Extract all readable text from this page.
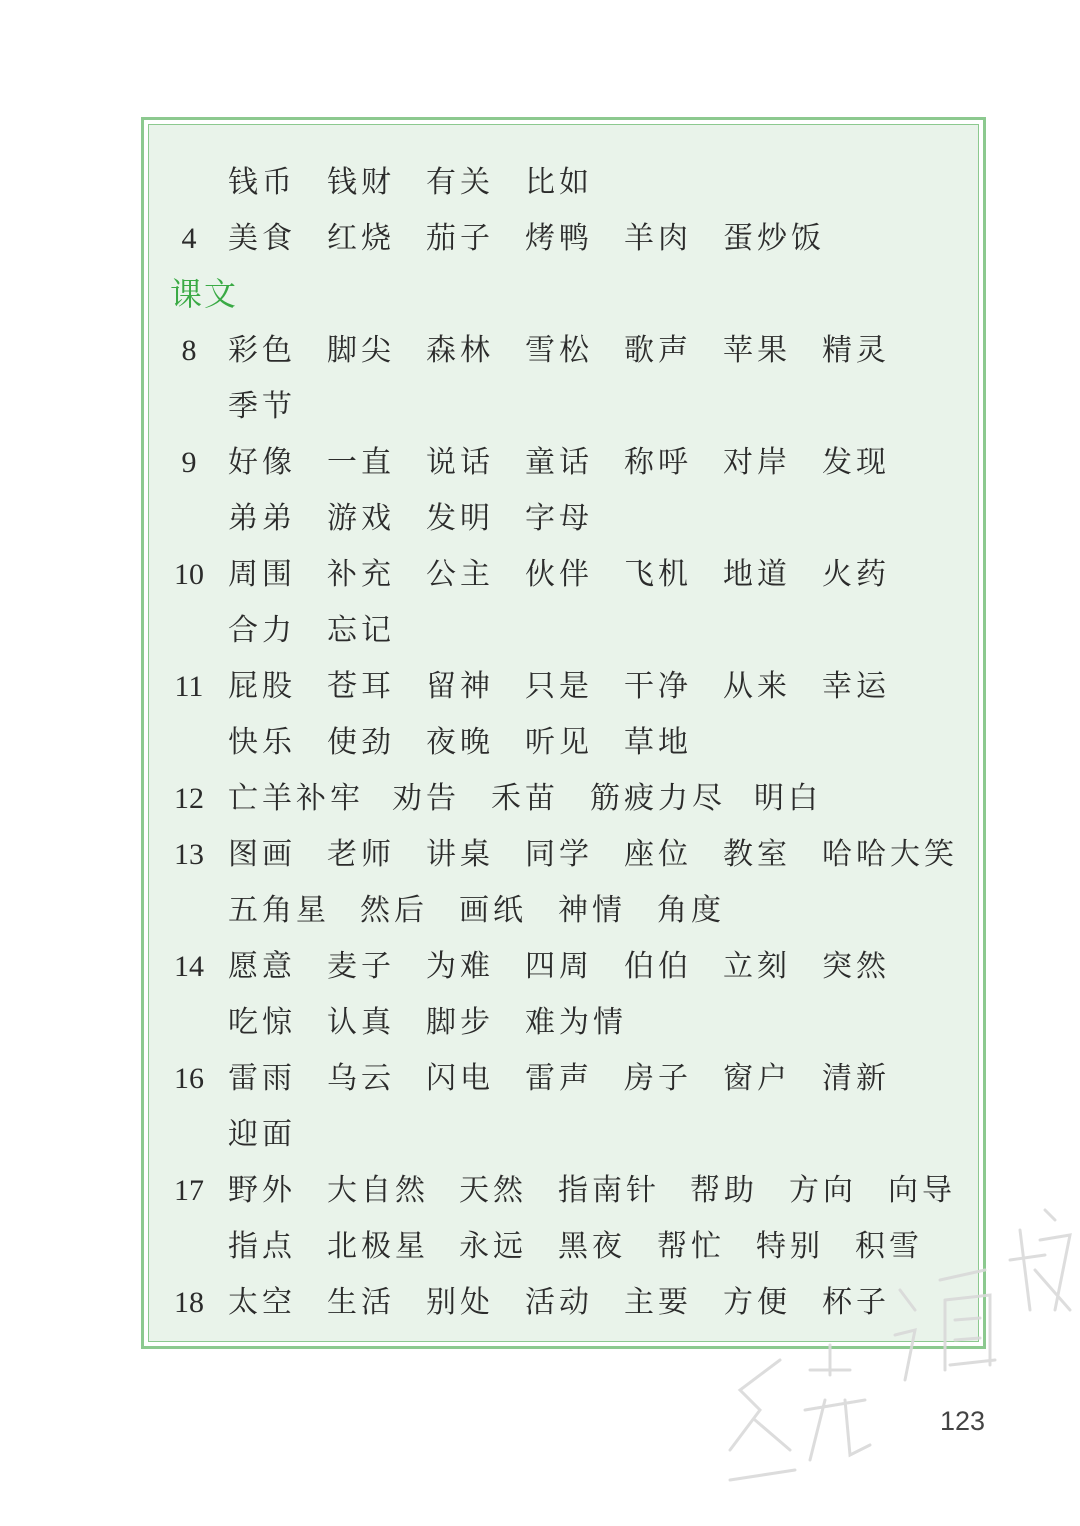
课文
钱币 钱财 有关 比如
4	美食 红烧 茄子 烤鸭 羊肉 蛋炒饭
8	彩色 脚尖 森林 雪松 歌声 苹果 精灵
季节
9	好像 一直 说话 童话 称呼 对岸 发现
弟弟 游戏 发明 字母
10 周围 补充 公主 伙伴 飞机 地道 火药
合力 忘记
11 屁股 苍耳 留神 只是 干净 从来 幸运
快乐 使劲 夜晚 听见 草地
12 亡羊补牢 劝告 禾苗 筋疲力尽 明白
13 图画 老师 讲桌 同学 座位 教室 哈哈大笑
五角星 然后 画纸 神情 角度
14 愿意 麦子 为难 四周 伯伯 立刻 突然
吃惊 认真 脚步 难为情
16 雷雨 乌云 闪电 雷声 房子 窗户 清新
迎面
17 野外 大自然 天然 指南针 帮助 方向 向导
指点 北极星 永远 黑夜 帮忙 特别 积雪
18 太空 生活 别处 活动 主要 方便 杯子
123
